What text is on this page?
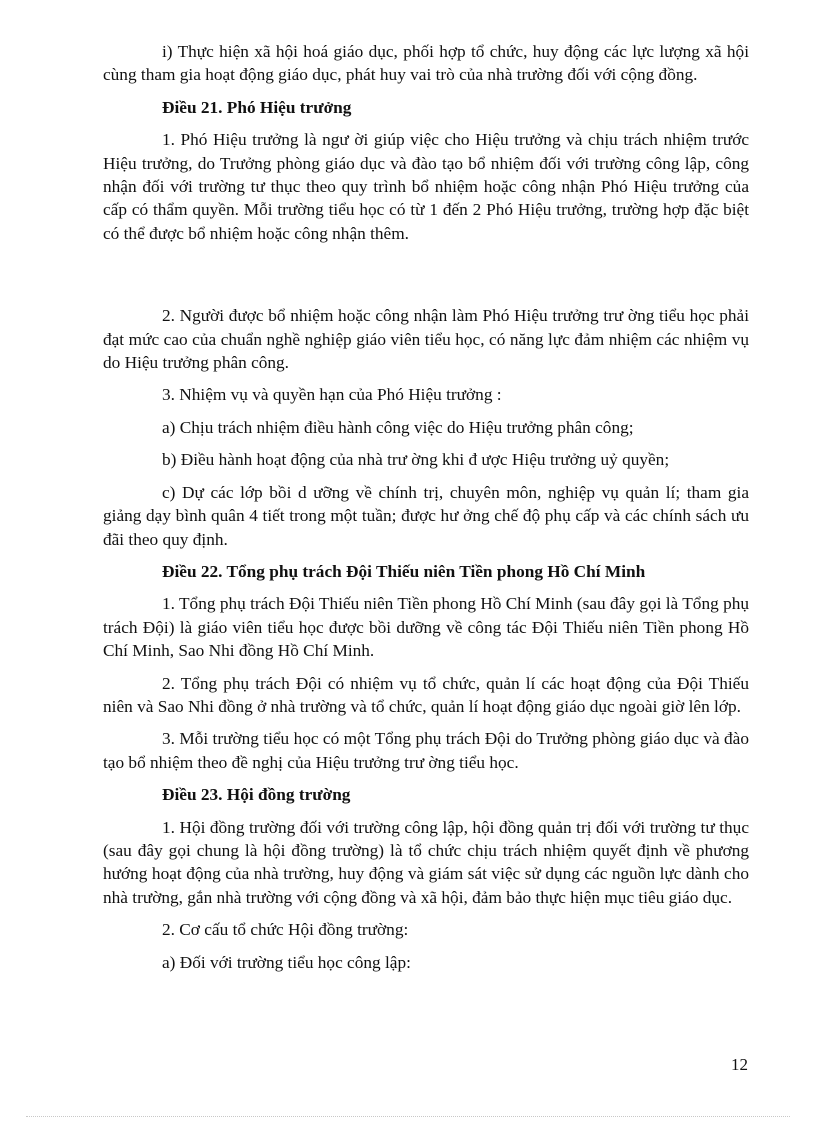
i) Thực hiện xã hội hoá giáo dục, phối hợp tổ chức, huy động các lực lượng xã hội cùng tham gia hoạt động giáo dục, phát huy vai trò của nhà trường đối với cộng đồng.

Điều 21. Phó Hiệu trưởng

1. Phó Hiệu trưởng là ngư ời giúp việc cho Hiệu trưởng và chịu trách nhiệm trước Hiệu trưởng, do Trưởng phòng giáo dục và đào tạo bổ nhiệm đối với trường công lập, công nhận đối với trường tư thục theo quy trình bổ nhiệm hoặc công nhận Phó Hiệu trưởng của cấp có thẩm quyền. Mỗi trường tiểu học có từ 1 đến 2 Phó Hiệu trưởng, trường hợp đặc biệt có thể được bổ nhiệm hoặc công nhận thêm.

2. Người được bổ nhiệm hoặc công nhận làm Phó Hiệu trưởng trư ờng tiểu học phải đạt mức cao của chuẩn nghề nghiệp giáo viên tiểu học, có năng lực đảm nhiệm các nhiệm vụ do Hiệu trưởng phân công.

3. Nhiệm vụ và quyền hạn của Phó Hiệu trưởng :

a) Chịu trách nhiệm điều hành công việc do Hiệu trưởng phân công;

b) Điều hành hoạt động của nhà trư ờng khi đ ược Hiệu trưởng uỷ quyền;

c) Dự các lớp bồi d ưỡng về chính trị, chuyên môn, nghiệp vụ quản lí; tham gia giảng dạy bình quân 4 tiết trong một tuần; được hư ởng chế độ phụ cấp và các chính sách ưu đãi theo quy định.

Điều 22. Tổng phụ trách Đội Thiếu niên Tiền phong Hồ Chí Minh

1. Tổng phụ trách Đội Thiếu niên Tiền phong Hồ Chí Minh (sau đây gọi là Tổng phụ trách Đội) là giáo viên tiểu học được bồi dưỡng về công tác Đội Thiếu niên Tiền phong Hồ Chí Minh, Sao Nhi đồng Hồ Chí Minh.

2. Tổng phụ trách Đội có nhiệm vụ tổ chức, quản lí các hoạt động của Đội Thiếu niên và Sao Nhi đồng ở nhà trường và tổ chức, quản lí hoạt động giáo dục ngoài giờ lên lớp.

3. Mỗi trường tiểu học có một Tổng phụ trách Đội do Trưởng phòng giáo dục và đào tạo bổ nhiệm theo đề nghị của Hiệu trưởng trư ờng tiểu học.

Điều 23. Hội đồng trường

1. Hội đồng trường đối với trường công lập, hội đồng quản trị đối với trường tư thục (sau đây gọi chung là hội đồng trường) là tổ chức chịu trách nhiệm quyết định về phương hướng hoạt động của nhà trường, huy động và giám sát việc sử dụng các nguồn lực dành cho nhà trường, gắn nhà trường với cộng đồng và xã hội, đảm bảo thực hiện mục tiêu giáo dục.

2. Cơ cấu tổ chức Hội đồng trường:

a) Đối với trường tiểu học công lập:

12
